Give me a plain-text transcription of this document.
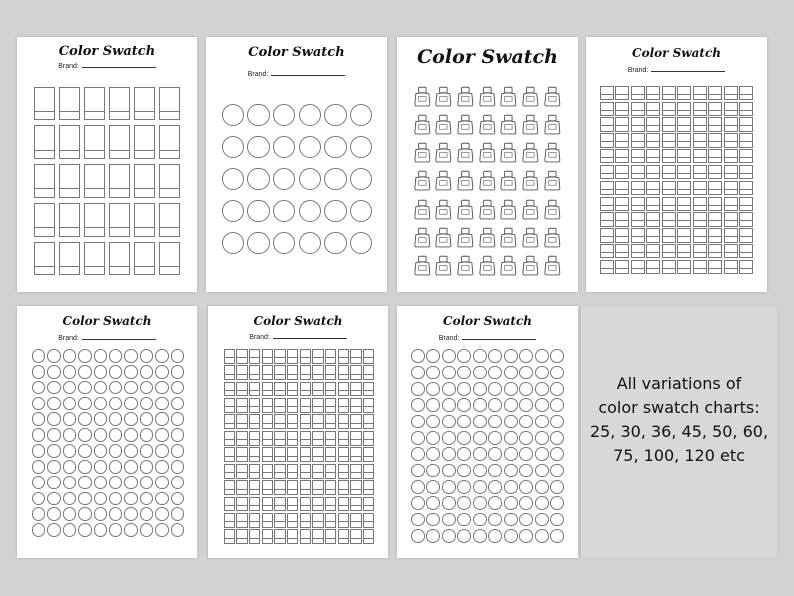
Color Swatch
Brand:
Color Swatch
Brand:
Color Swatch	Color Swatch
Brand:
Color Swatch
Brand:
Color Swatch
Brand:
Color Swatch
Brand:
All variations of
color swatch charts:
25, 30, 36, 45, 50, 60,
75, 100, 120 etc
